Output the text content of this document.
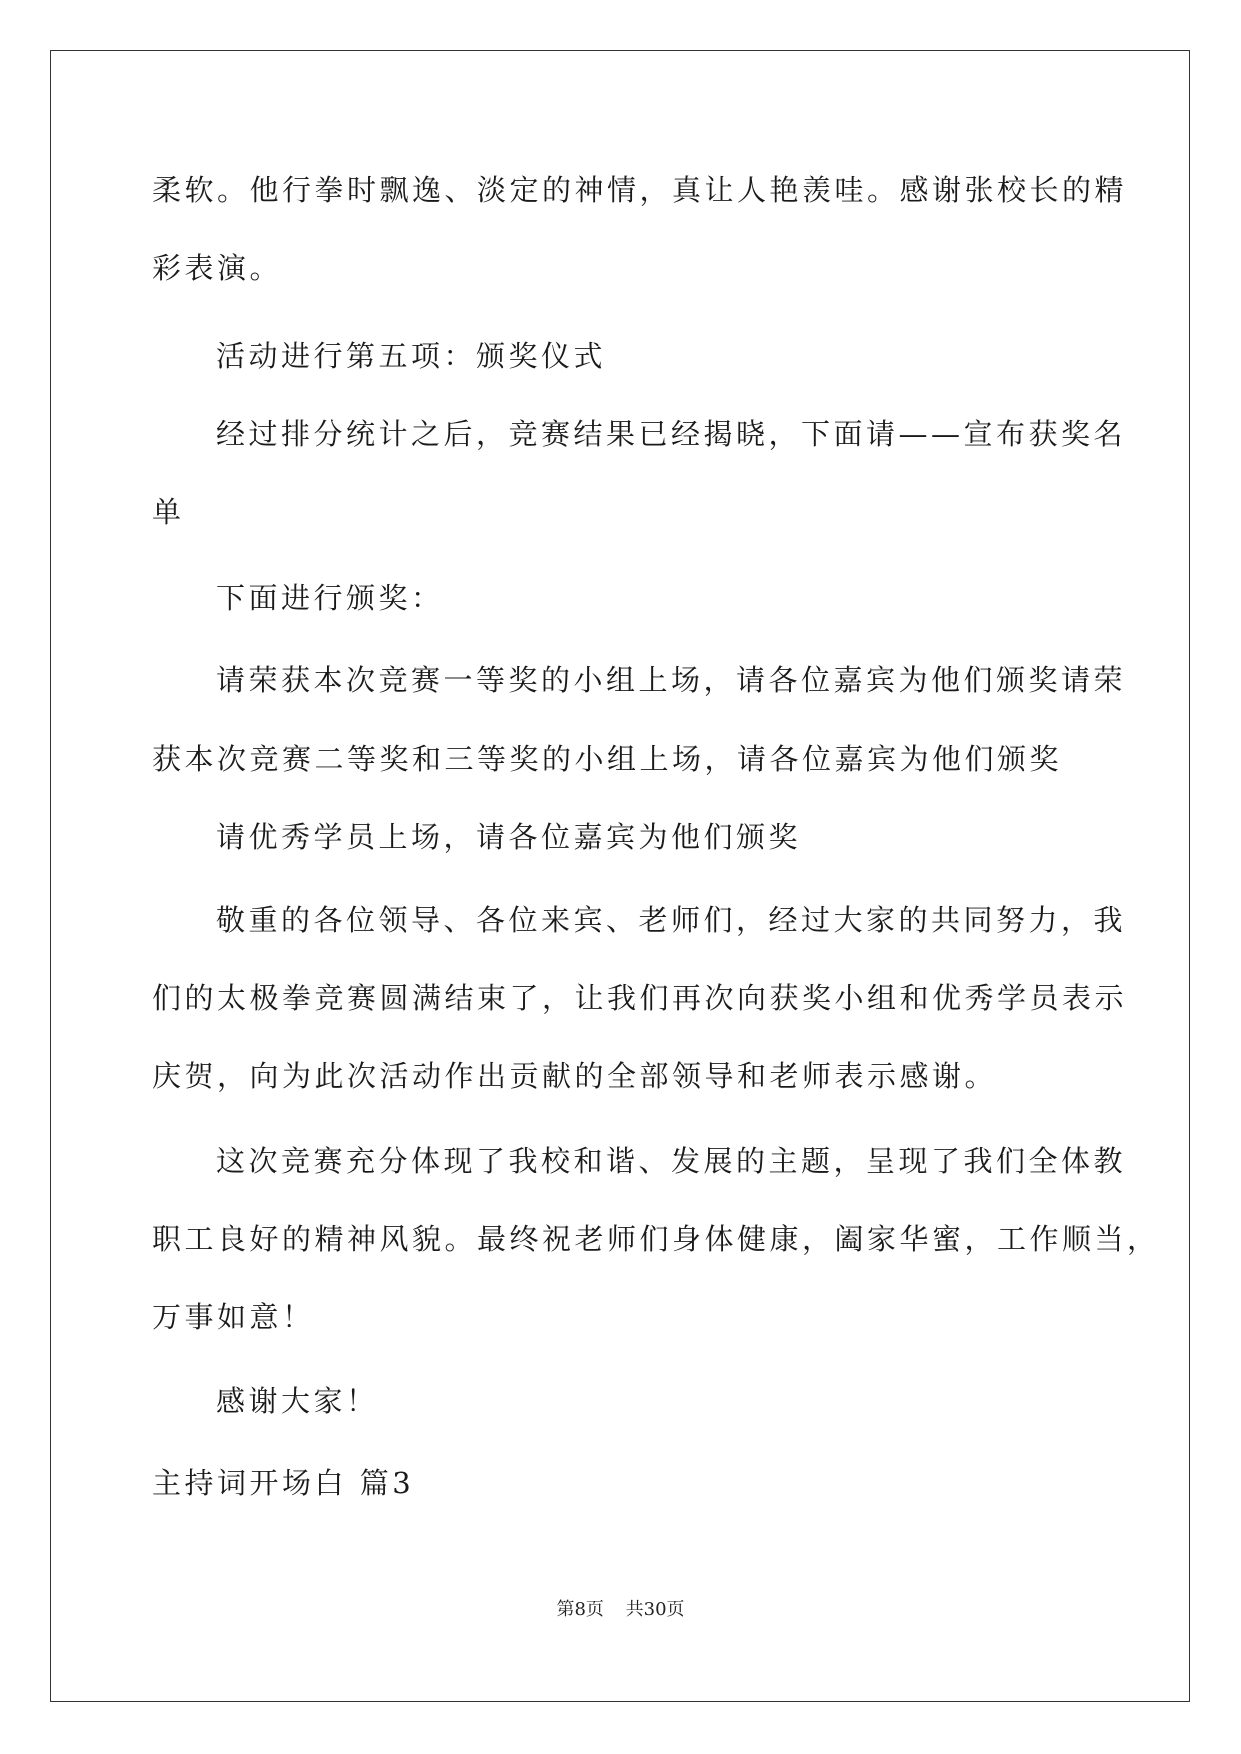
柔软。他行拳时飘逸、淡定的神情，真让人艳羡哇。感谢张校长的精
彩表演。
活动进行第五项：颁奖仪式
经过排分统计之后，竞赛结果已经揭晓，下面请——宣布获奖名
单
下面进行颁奖：
请荣获本次竞赛一等奖的小组上场，请各位嘉宾为他们颁奖请荣
获本次竞赛二等奖和三等奖的小组上场，请各位嘉宾为他们颁奖
请优秀学员上场，请各位嘉宾为他们颁奖
敬重的各位领导、各位来宾、老师们，经过大家的共同努力，我
们的太极拳竞赛圆满结束了，让我们再次向获奖小组和优秀学员表示
庆贺，向为此次活动作出贡献的全部领导和老师表示感谢。
这次竞赛充分体现了我校和谐、发展的主题，呈现了我们全体教
职工良好的精神风貌。最终祝老师们身体健康，阖家华蜜，工作顺当，
万事如意！
感谢大家！
主持词开场白 篇3
第8页 共30页
